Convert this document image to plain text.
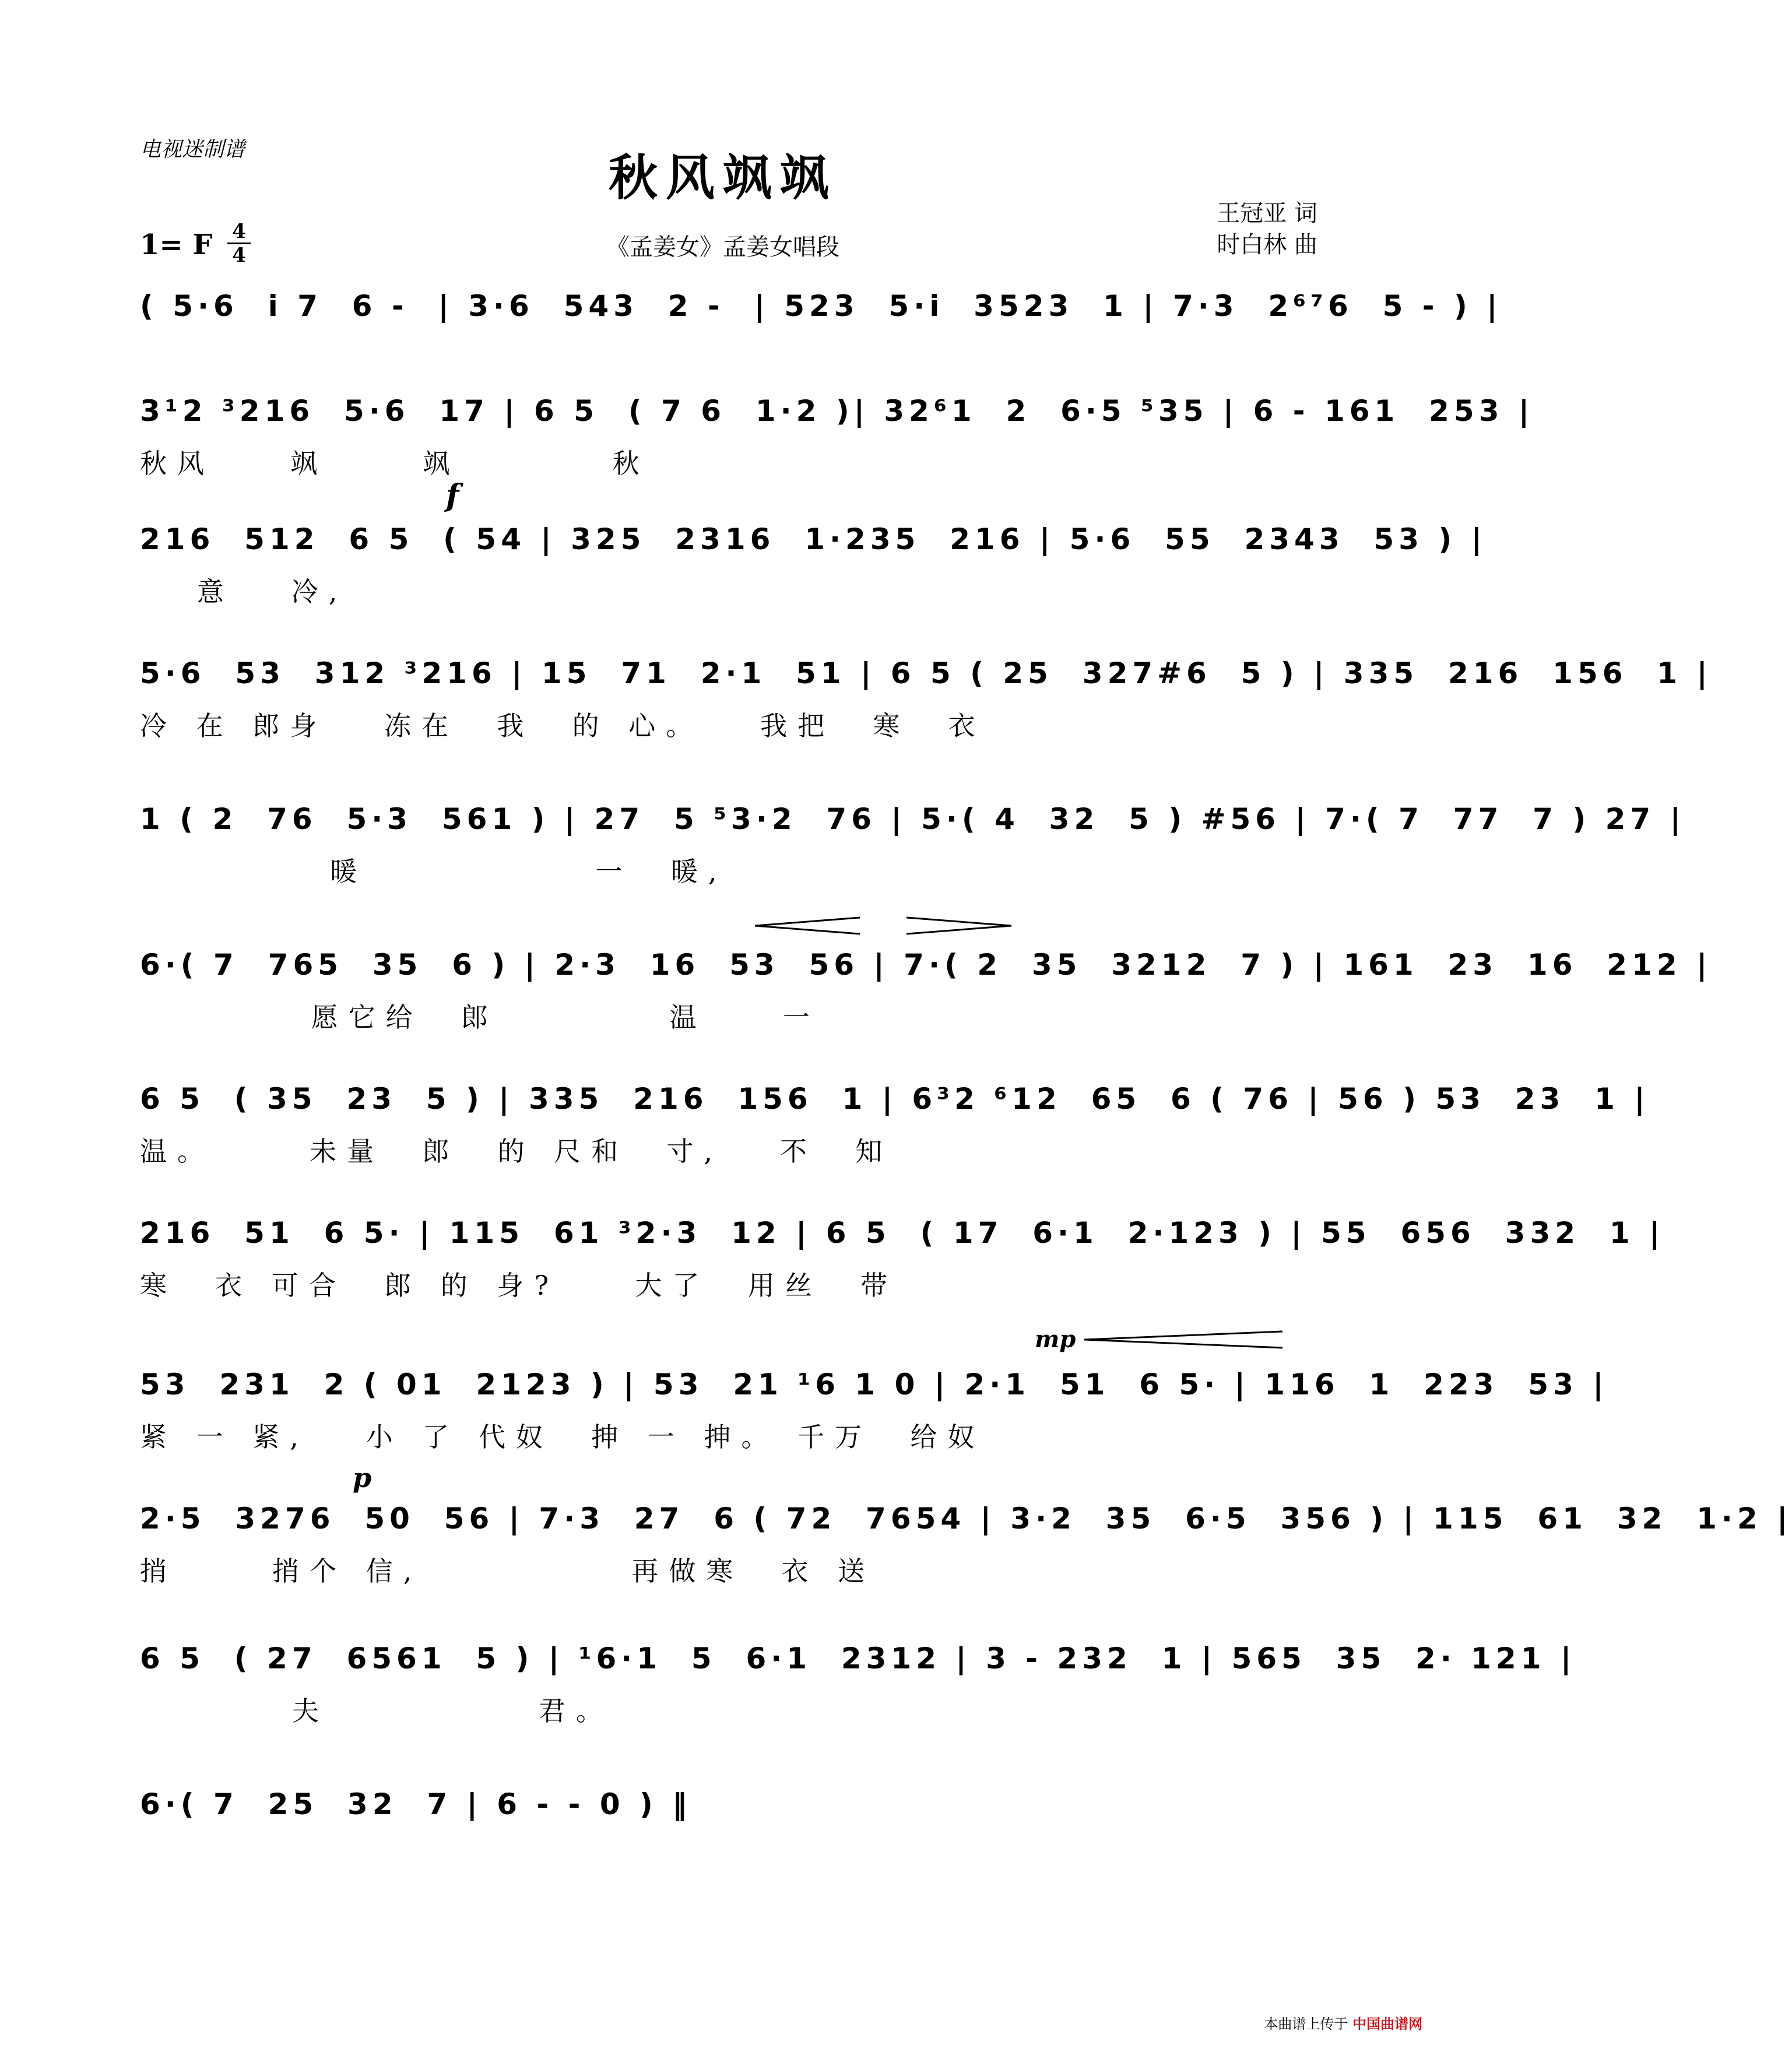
电视迷制谱	秋风飒飒
《孟姜女》孟姜女唱段
王冠亚 词
时白林 曲
1= F 4
4
( 5·6  i 7  6 -  | 3·6  543  2 -  | 523  5·i  3523  1 | 7·3  2⁶⁷6  5 - ) |
3¹2 ³216  5·6  17 | 6 5  ( 7 6  1·2 )| 32⁶1  2  6·5 ⁵35 | 6 - 161  253 |
秋风    飒     飒        秋
f
216  512  6 5  ( 54 | 325  2316  1·235  216 | 5·6  55  2343  53 ) |
意   冷,
5·6  53  312 ³216 | 15  71  2·1  51 | 6 5 ( 25  327#6  5 ) | 335  216  156  1 |
冷 在 郎身   冻在  我  的 心。   我把  寒  衣
1 ( 2  76  5·3  561 ) | 27  5 ⁵3·2  76 | 5·( 4  32  5 ) #56 | 7·( 7  77  7 ) 27 |
暖            一  暖,
6·( 7  765  35  6 ) | 2·3  16  53  56 | 7·( 2  35  3212  7 ) | 161  23  16  212 |
愿它给  郎         温    一
6 5  ( 35  23  5 ) | 335  216  156  1 | 6³2 ⁶12  65  6 ( 76 | 56 ) 53  23  1 |
温。     未量  郎  的 尺和  寸,   不  知
216  51  6 5· | 115  61 ³2·3  12 | 6 5  ( 17  6·1  2·123 ) | 55  656  332  1 |
寒  衣 可合  郎 的 身?    大了  用丝  带
mp
53  231  2 ( 01  2123 ) | 53  21 ¹6 1 0 | 2·1  51  6 5· | 116  1  223  53 |
紧 一 紧,   小 了 代奴  抻 一 抻。 千万  给奴
p
2·5  3276  50  56 | 7·3  27  6 ( 72  7654 | 3·2  35  6·5  356 ) | 115  61  32  1·2 |
捎     捎个 信,           再做寒  衣 送
6 5  ( 27  6561  5 ) | ¹6·1  5  6·1  2312 | 3 - 232  1 | 565  35  2· 121 |
夫           君。
6·( 7  25  32  7 | 6 - - 0 ) ‖
本曲谱上传于 中国曲谱网
